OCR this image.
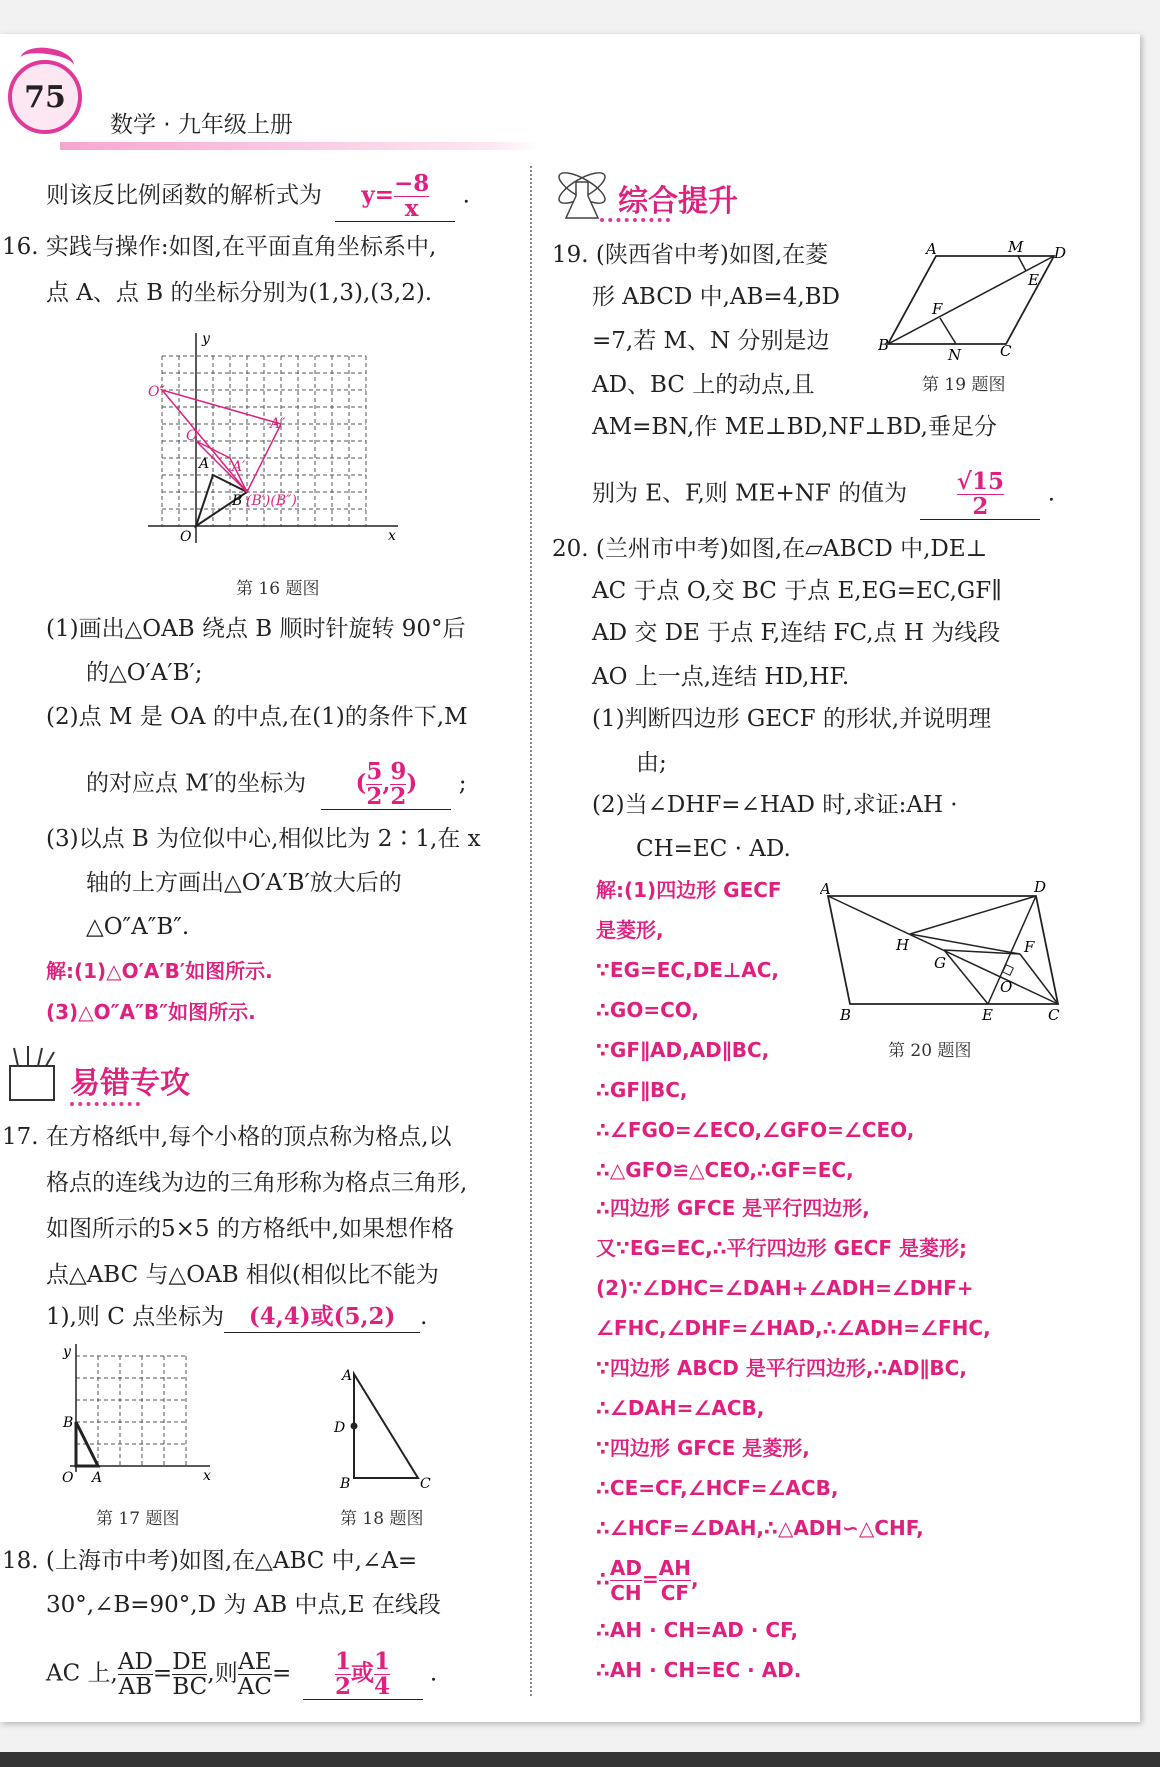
75
数学 · 九年级上册
则该反比例函数的解析式为 $y= \frac{-8}{x}$ .
16. 实践与操作:如图,在平面直角坐标系中,
点 A、点 B 的坐标分别为(1,3),(3,2).
y
x
O
A
B (B′)(B″)
O′
A′
O″
A″
第 16 题图
(1)画出△OAB 绕点 B 顺时针旋转 90°后
的△O′A′B′;
(2)点 M 是 OA 的中点,在(1)的条件下,M
的对应点 M′的坐标为 ( $\frac{5}{2}$ , $\frac{9}{2}$ ) ;
(3)以点 B 为位似中心,相似比为 2∶1,在 x
轴的上方画出△O′A′B′放大后的
△O″A″B″.
解:(1)△O′A′B′如图所示.
(3)△O″A″B″如图所示.
易错专攻
17. 在方格纸中,每个小格的顶点称为格点,以
格点的连线为边的三角形称为格点三角形,
如图所示的5×5 的方格纸中,如果想作格
点△ABC 与△OAB 相似(相似比不能为
1),则 C 点坐标为 (4,4)或(5,2) .
y
x
O A
B
第 17 题图
A
B	C
D
第 18 题图
18. (上海市中考)如图,在△ABC 中,∠A=
30°,∠B=90°,D 为 AB 中点,E 在线段
AC 上, $\frac{AD}{AB} = \frac{DE}{BC}$ ,则 $\frac{AE}{AC} = \frac{1}{2}$ 或 $\frac{1}{4}$ .
综合提升
19. (陕西省中考)如图,在菱
形 ABCD 中,AB=4,BD
=7,若 M、N 分别是边
AD、BC 上的动点,且
AM=BN,作 ME⊥BD,NF⊥BD,垂足分
别为 E、F,则 ME+NF 的值为 $\frac{√15}{2}$ .
A	M D
E
F
B
N	C
第 19 题图
20. (兰州市中考)如图,在▱ABCD 中,DE⊥
AC 于点 O,交 BC 于点 E,EG=EC,GF∥
AD 交 DE 于点 F,连结 FC,点 H 为线段
AO 上一点,连结 HD,HF.
(1)判断四边形 GECF 的形状,并说明理
由;
(2)当∠DHF=∠HAD 时,求证:AH ·
CH=EC · AD.
A	D
H	F
G
O
B	E	C
第 20 题图
解:(1)四边形 GECF
是菱形,
∵EG=EC,DE⊥AC,
∴GO=CO,
∵GF∥AD,AD∥BC,
∴GF∥BC,
∴∠FGO=∠ECO,∠GFO=∠CEO,
∴△GFO≌△CEO,∴GF=EC,
∴四边形 GFCE 是平行四边形,
又∵EG=EC,∴平行四边形 GECF 是菱形;
(2)∵∠DHC=∠DAH+∠ADH=∠DHF+
∠FHC,∠DHF=∠HAD,∴∠ADH=∠FHC,
∵四边形 ABCD 是平行四边形,∴AD∥BC,
∴∠DAH=∠ACB,
∵四边形 GFCE 是菱形,
∴CE=CF,∠HCF=∠ACB,
∴∠HCF=∠DAH,∴△ADH∽△CHF,
∴ $\frac{AD}{CH} = \frac{AH}{CF}$ ,
∴AH · CH=AD · CF,
∴AH · CH=EC · AD.
